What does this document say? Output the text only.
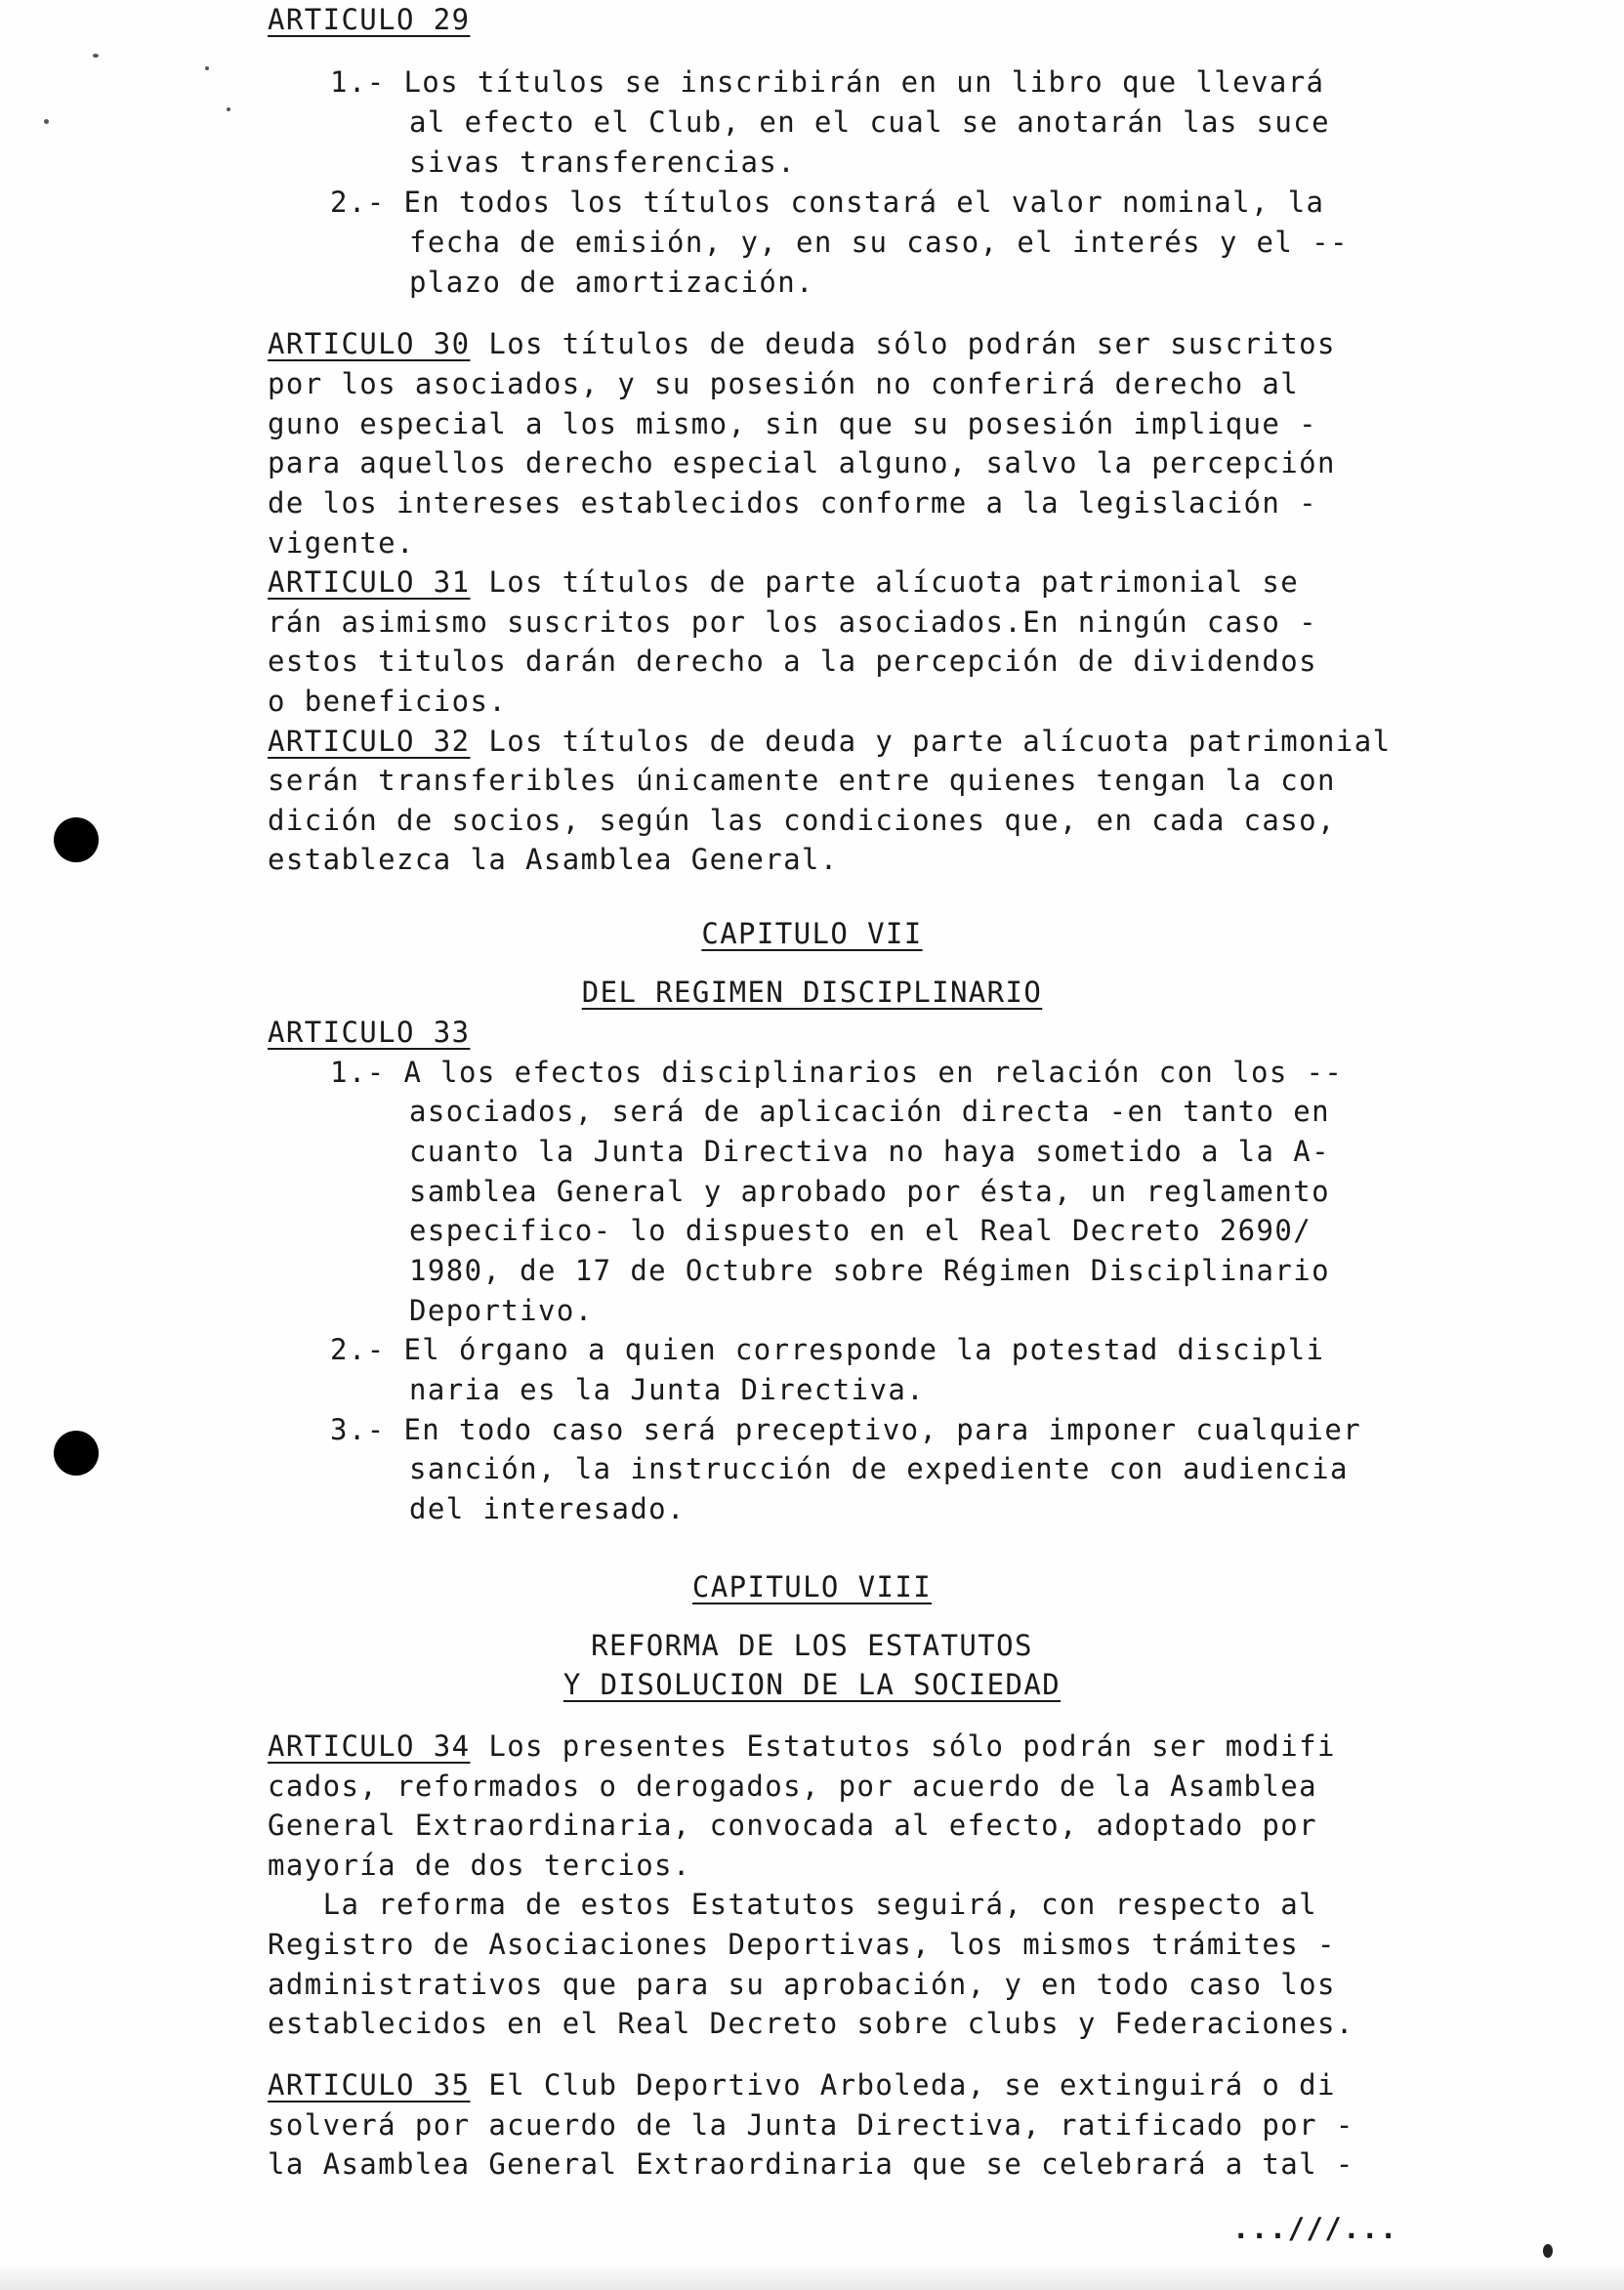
ARTICULO 29
1.- Los títulos se inscribirán en un libro que llevará
al efecto el Club, en el cual se anotarán las suce
sivas transferencias.
2.- En todos los títulos constará el valor nominal, la
fecha de emisión, y, en su caso, el interés y el --
plazo de amortización.
ARTICULO 30 Los títulos de deuda sólo podrán ser suscritos
por los asociados, y su posesión no conferirá derecho al
guno especial a los mismo, sin que su posesión implique -
para aquellos derecho especial alguno, salvo la percepción
de los intereses establecidos conforme a la legislación -
vigente.
ARTICULO 31 Los títulos de parte alícuota patrimonial se
rán asimismo suscritos por los asociados.En ningún caso -
estos titulos darán derecho a la percepción de dividendos
o beneficios.
ARTICULO 32 Los títulos de deuda y parte alícuota patrimonial
serán transferibles únicamente entre quienes tengan la con
dición de socios, según las condiciones que, en cada caso,
establezca la Asamblea General.
CAPITULO VII
DEL REGIMEN DISCIPLINARIO
ARTICULO 33
1.- A los efectos disciplinarios en relación con los --
asociados, será de aplicación directa -en tanto en
cuanto la Junta Directiva no haya sometido a la A-
samblea General y aprobado por ésta, un reglamento
especifico- lo dispuesto en el Real Decreto 2690/
1980, de 17 de Octubre sobre Régimen Disciplinario
Deportivo.
2.- El órgano a quien corresponde la potestad discipli
naria es la Junta Directiva.
3.- En todo caso será preceptivo, para imponer cualquier
sanción, la instrucción de expediente con audiencia
del interesado.
CAPITULO VIII
REFORMA DE LOS ESTATUTOS
Y DISOLUCION DE LA SOCIEDAD
ARTICULO 34 Los presentes Estatutos sólo podrán ser modifi
cados, reformados o derogados, por acuerdo de la Asamblea
General Extraordinaria, convocada al efecto, adoptado por
mayoría de dos tercios.
La reforma de estos Estatutos seguirá, con respecto al
Registro de Asociaciones Deportivas, los mismos trámites -
administrativos que para su aprobación, y en todo caso los
establecidos en el Real Decreto sobre clubs y Federaciones.
ARTICULO 35 El Club Deportivo Arboleda, se extinguirá o di
solverá por acuerdo de la Junta Directiva, ratificado por -
la Asamblea General Extraordinaria que se celebrará a tal -
...///...
